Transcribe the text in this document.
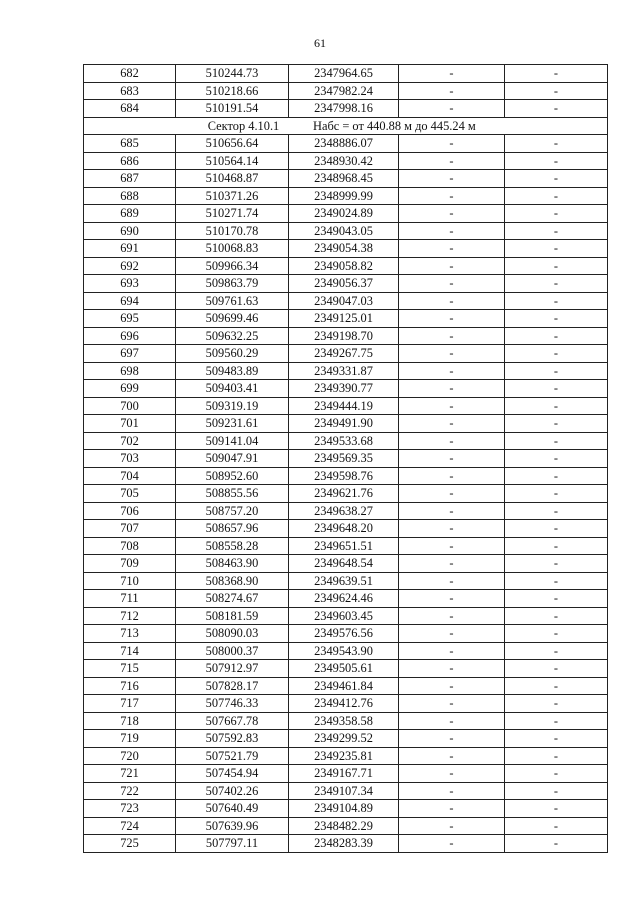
61
682	510244.73	2347964.65	-	-
683	510218.66	2347982.24	-	-
684	510191.54	2347998.16	-	-

Сектор 4.10.1 Набс = от 440.88 м до 445.24 м				

685	510656.64	2348886.07	-	-
686	510564.14	2348930.42	-	-
687	510468.87	2348968.45	-	-
688	510371.26	2348999.99	-	-
689	510271.74	2349024.89	-	-
690	510170.78	2349043.05	-	-
691	510068.83	2349054.38	-	-
692	509966.34	2349058.82	-	-
693	509863.79	2349056.37	-	-
694	509761.63	2349047.03	-	-
695	509699.46	2349125.01	-	-
696	509632.25	2349198.70	-	-
697	509560.29	2349267.75	-	-
698	509483.89	2349331.87	-	-
699	509403.41	2349390.77	-	-
700	509319.19	2349444.19	-	-
701	509231.61	2349491.90	-	-
702	509141.04	2349533.68	-	-
703	509047.91	2349569.35	-	-
704	508952.60	2349598.76	-	-
705	508855.56	2349621.76	-	-
706	508757.20	2349638.27	-	-
707	508657.96	2349648.20	-	-
708	508558.28	2349651.51	-	-
709	508463.90	2349648.54	-	-
710	508368.90	2349639.51	-	-
711	508274.67	2349624.46	-	-
712	508181.59	2349603.45	-	-
713	508090.03	2349576.56	-	-
714	508000.37	2349543.90	-	-
715	507912.97	2349505.61	-	-
716	507828.17	2349461.84	-	-
717	507746.33	2349412.76	-	-
718	507667.78	2349358.58	-	-
719	507592.83	2349299.52	-	-
720	507521.79	2349235.81	-	-
721	507454.94	2349167.71	-	-
722	507402.26	2349107.34	-	-
723	507640.49	2349104.89	-	-
724	507639.96	2348482.29	-	-
725	507797.11	2348283.39	-	-
